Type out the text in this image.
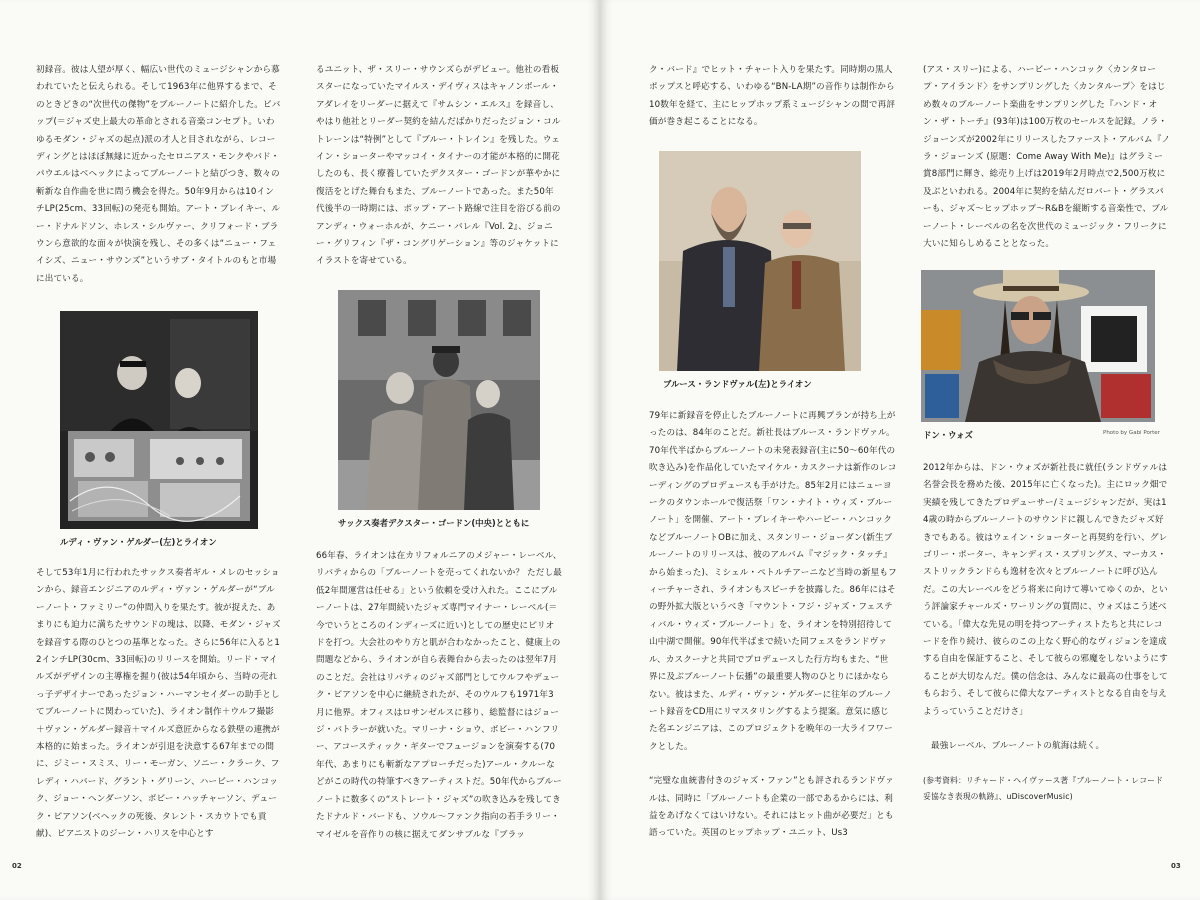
初録音。彼は人望が厚く、幅広い世代のミュージシャンから慕われていたと伝えられる。そして1963年に他界するまで、そのときどきの“次世代の傑物”をブルーノートに紹介した。ビバップ(＝ジャズ史上最大の革命とされる音楽コンセプト。いわゆるモダン・ジャズの起点)派の才人と目されながら、レコーディングとはほぼ無縁に近かったセロニアス・モンクやバド・パウエルはベヘックによってブルーノートと結びつき、数々の斬新な自作曲を世に問う機会を得た。50年9月からは10インチLP(25cm、33回転)の発売も開始。アート・ブレイキー、ルー・ドナルドソン、ホレス・シルヴァー、クリフォード・ブラウンら意欲的な面々が快演を残し、その多くは“ニュー・フェイシズ、ニュー・サウンズ”というサブ・タイトルのもと市場に出ている。

ルディ・ヴァン・ゲルダー(左)とライオン

そして53年1月に行われたサックス奏者ギル・メレのセッションから、録音エンジニアのルディ・ヴァン・ゲルダーが“ブルーノート・ファミリー”の仲間入りを果たす。彼が捉えた、あまりにも迫力に満ちたサウンドの塊は、以降、モダン・ジャズを録音する際のひとつの基準となった。さらに56年に入ると12インチLP(30cm、33回転)のリリースを開始。リード・マイルズがデザインの主導権を握り(彼は54年頃から、当時の売れっ子デザイナーであったジョン・ハーマンセイダーの助手としてブルーノートに関わっていた)、ライオン制作＋ウルフ撮影＋ヴァン・ゲルダー録音＋マイルズ意匠からなる鉄壁の連携が本格的に始まった。ライオンが引退を決意する67年までの間に、ジミー・スミス、リー・モーガン、ソニー・クラーク、フレディ・ハバード、グラント・グリーン、ハービー・ハンコック、ジョー・ヘンダーソン、ボビー・ハッチャーソン、デューク・ピアソン(ベヘックの死後、タレント・スカウトでも貢献)、ピアニストのジーン・ハリスを中心とす

るユニット、ザ・スリー・サウンズらがデビュー。他社の看板スターになっていたマイルス・デイヴィスはキャノンボール・アダレイをリーダーに据えて『サムシン・エルス』を録音し、やはり他社とリーダー契約を結んだばかりだったジョン・コルトレーンは“特例”として『ブルー・トレイン』を残した。ウェイン・ショーターやマッコイ・タイナーの才能が本格的に開花したのも、長く療養していたデクスター・ゴードンが華やかに復活をとげた舞台もまた、ブルーノートであった。また50年代後半の一時期には、ポップ・アート路線で注目を浴びる前のアンディ・ウォーホルが、ケニー・バレル『Vol. 2』、ジョニー・グリフィン『ザ・コングリゲーション』等のジャケットにイラストを寄せている。

サックス奏者デクスター・ゴードン(中央)とともに

66年春、ライオンは在カリフォルニアのメジャー・レーベル、リバティからの「ブルーノートを売ってくれないか？ ただし最低2年間運営は任せる」という依頼を受け入れた。ここにブルーノートは、27年間続いたジャズ専門マイナー・レーベル(＝今でいうところのインディーズに近い)としての歴史にピリオドを打つ。大会社のやり方と肌が合わなかったこと、健康上の問題などから、ライオンが自ら表舞台から去ったのは翌年7月のことだ。会社はリバティのジャズ部門としてウルフやデューク・ピアソンを中心に継続されたが、そのウルフも1971年3月に他界。オフィスはロサンゼルスに移り、総監督にはジョージ・バトラーが就いた。マリーナ・ショウ、ボビー・ハンフリー、アコースティック・ギターでフュージョンを演奏する(70年代、あまりにも斬新なアプローチだった)アール・クルーなどがこの時代の特筆すべきアーティストだ。50年代からブルーノートに数多くの“ストレート・ジャズ”の吹き込みを残してきたドナルド・バードも、ソウル〜ファンク指向の若手ラリー・マイゼルを音作りの核に据えてダンサブルな『ブラッ

02

ク・バード』でヒット・チャート入りを果たす。同時期の黒人ポップスと呼応する、いわゆる“BN-LA期”の音作りは制作から10数年を経て、主にヒップホップ系ミュージシャンの間で再評価が巻き起こることになる。

ブルース・ランドヴァル(左)とライオン

79年に新録音を停止したブルーノートに再興プランが持ち上がったのは、84年のことだ。新社長はブルース・ランドヴァル。70年代半ばからブルーノートの未発表録音(主に50〜60年代の吹き込み)を作品化していたマイケル・カスクーナは新作のレコーディングのプロデュースも手がけた。85年2月にはニューヨークのタウンホールで復活祭「ワン・ナイト・ウィズ・ブルーノート」を開催、アート・ブレイキーやハービー・ハンコックなどブルーノートOBに加え、スタンリー・ジョーダン(新生ブルーノートのリリースは、彼のアルバム『マジック・タッチ』から始まった)、ミシェル・ペトルチアーニなど当時の新星もフィーチャーされ、ライオンもスピーチを披露した。86年にはその野外拡大版というべき「マウント・フジ・ジャズ・フェスティバル・ウィズ・ブルーノート」を、ライオンを特別招待して山中湖で開催。90年代半ばまで続いた同フェスをランドヴァル、カスクーナと共同でプロデュースした行方均もまた、“世界に及ぶブルーノート伝播”の最重要人物のひとりにほかならない。彼はまた、ルディ・ヴァン・ゲルダーに往年のブルーノート録音をCD用にリマスタリングするよう提案。意気に感じた名エンジニアは、このプロジェクトを晩年の一大ライフワークとした。

“完璧な血統書付きのジャズ・ファン”とも評されるランドヴァルは、同時に「ブルーノートも企業の一部であるからには、利益をあげなくてはいけない。それにはヒット曲が必要だ」とも語っていた。英国のヒップホップ・ユニット、Us3

(アス・スリー)による、ハービー・ハンコック〈カンタロープ・アイランド〉をサンプリングした〈カンタループ〉をはじめ数々のブルーノート楽曲をサンプリングした『ハンド・オン・ザ・トーチ』(93年)は100万枚のセールスを記録。ノラ・ジョーンズが2002年にリリースしたファースト・アルバム『ノラ・ジョーンズ (原題：Come Away With Me)』はグラミー賞8部門に輝き、総売り上げは2019年2月時点で2,500万枚に及ぶといわれる。2004年に契約を結んだロバート・グラスパーも、ジャズ〜ヒップホップ〜R&Bを縦断する音楽性で、ブルーノート・レーベルの名を次世代のミュージック・フリークに大いに知らしめることとなった。

ドン・ウォズ	Photo by Gabi Porter

2012年からは、ドン・ウォズが新社長に就任(ランドヴァルは名誉会長を務めた後、2015年に亡くなった)。主にロック畑で実績を残してきたプロデューサー/ミュージシャンだが、実は14歳の時からブルーノートのサウンドに親しんできたジャズ好きでもある。彼はウェイン・ショーターと再契約を行い、グレゴリー・ポーター、キャンディス・スプリングス、マーカス・ストリックランドらも逸材を次々とブルーノートに呼び込んだ。この大レーベルをどう将来に向けて導いてゆくのか、という評論家チャールズ・ワーリングの質問に、ウォズはこう述べている。「偉大な先見の明を持つアーティストたちと共にレコードを作り続け、彼らのこの上なく野心的なヴィジョンを達成する自由を保証すること、そして彼らの邪魔をしないようにすることが大切なんだ。僕の信念は、みんなに最高の仕事をしてもらおう、そして彼らに偉大なアーティストとなる自由を与えようっていうことだけさ」

最強レーベル、ブルーノートの航海は続く。

(参考資料：リチャード・ヘイヴァース著『ブルーノート・レコード 妥協なき表現の軌跡』、uDiscoverMusic)

03
